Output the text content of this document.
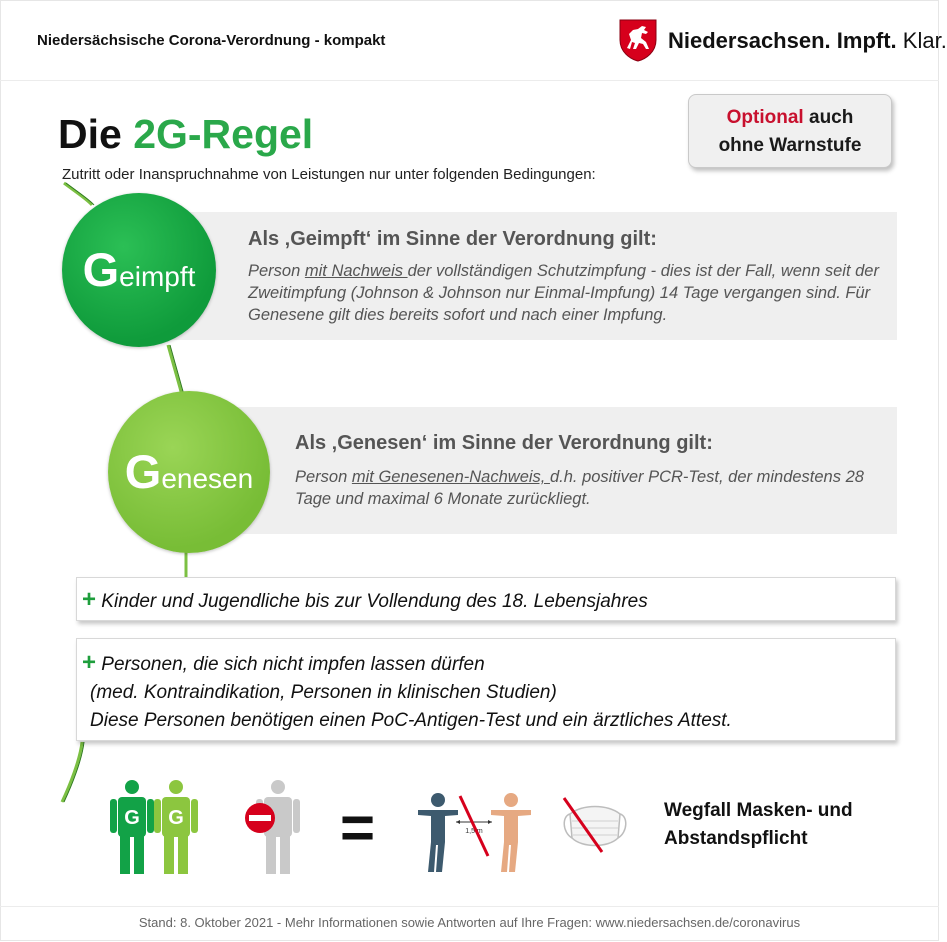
Niedersächsische Corona-Verordnung - kompakt	Niedersachsen. Impft. Klar.
Optional auch
ohne Warnstufe
Die 2G-Regel
Zutritt oder Inanspruchnahme von Leistungen nur unter folgenden Bedingungen:
Als ‚Geimpft‘ im Sinne der Verordnung gilt:
Person mit Nachweis der vollständigen Schutzimpfung - dies ist der Fall, wenn seit der Zweitimpfung (Johnson & Johnson nur Einmal-Impfung) 14 Tage vergangen sind. Für Genesene gilt dies bereits sofort und nach einer Impfung.
Geimpft
Als ‚Genesen‘ im Sinne der Verordnung gilt:
Person mit Genesenen-Nachweis, d.h. positiver PCR-Test, der mindestens 28 Tage und maximal 6 Monate zurückliegt.
Genesen
+ Kinder und Jugendliche bis zur Vollendung des 18. Lebensjahres
+ Personen, die sich nicht impfen lassen dürfen
(med. Kontraindikation, Personen in klinischen Studien)
Diese Personen benötigen einen PoC-Antigen-Test und ein ärztliches Attest.
G G	=	1,5 m
Wegfall Masken- und
Abstandspflicht
Stand: 8. Oktober 2021 - Mehr Informationen sowie Antworten auf Ihre Fragen: www.niedersachsen.de/coronavirus
